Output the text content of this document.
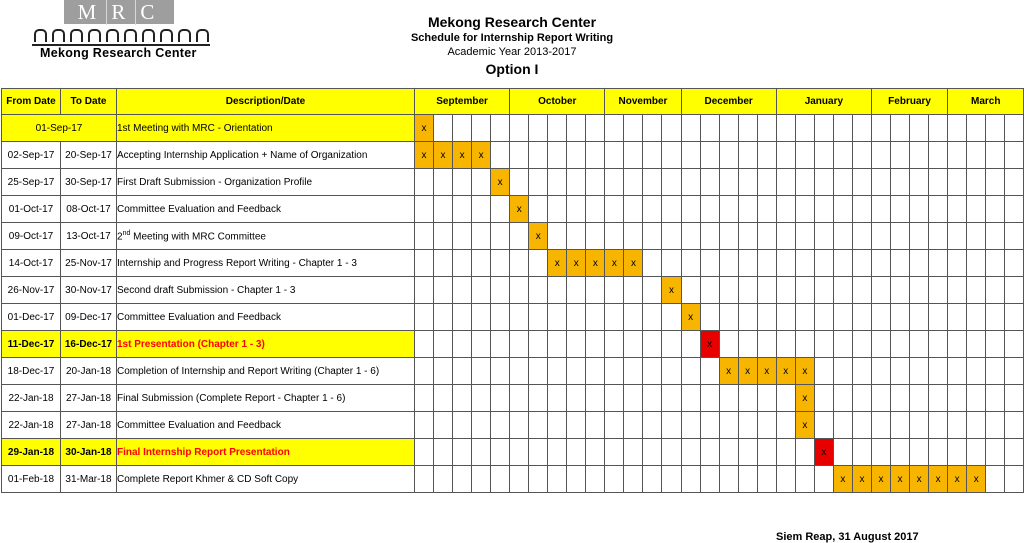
M R C
Mekong Research Center
Mekong Research Center
Schedule for Internship Report Writing
Academic Year 2013-2017
Option I
From Date	To Date	Description/Date	September					October					November				December					January					February				March			
01-Sep-17		1st Meeting with MRC - Orientation	x																															
02-Sep-17	20-Sep-17	Accepting Internship Application + Name of Organization	x	x	x	x																												
25-Sep-17	30-Sep-17	First Draft Submission - Organization Profile					x																											
01-Oct-17	08-Oct-17	Committee Evaluation and Feedback						x																										
09-Oct-17	13-Oct-17	2nd Meeting with MRC Committee							x																									
14-Oct-17	25-Nov-17	Internship and Progress Report Writing - Chapter 1 - 3								x	x	x	x	x																				
26-Nov-17	30-Nov-17	Second draft Submission - Chapter 1 - 3														x																		
01-Dec-17	09-Dec-17	Committee Evaluation and Feedback															x																	
11-Dec-17	16-Dec-17	1st Presentation (Chapter 1 - 3)																x																
18-Dec-17	20-Jan-18	Completion of Internship and Report Writing (Chapter 1 - 6)																	x	x	x	x	x											
22-Jan-18	27-Jan-18	Final Submission (Complete Report - Chapter 1 - 6)																					x											
22-Jan-18	27-Jan-18	Committee Evaluation and Feedback																					x											
29-Jan-18	30-Jan-18	Final Internship Report Presentation																						x										
01-Feb-18	31-Mar-18	Complete Report Khmer & CD Soft Copy																							x	x	x	x	x	x	x	x		
Siem Reap, 31 August 2017
